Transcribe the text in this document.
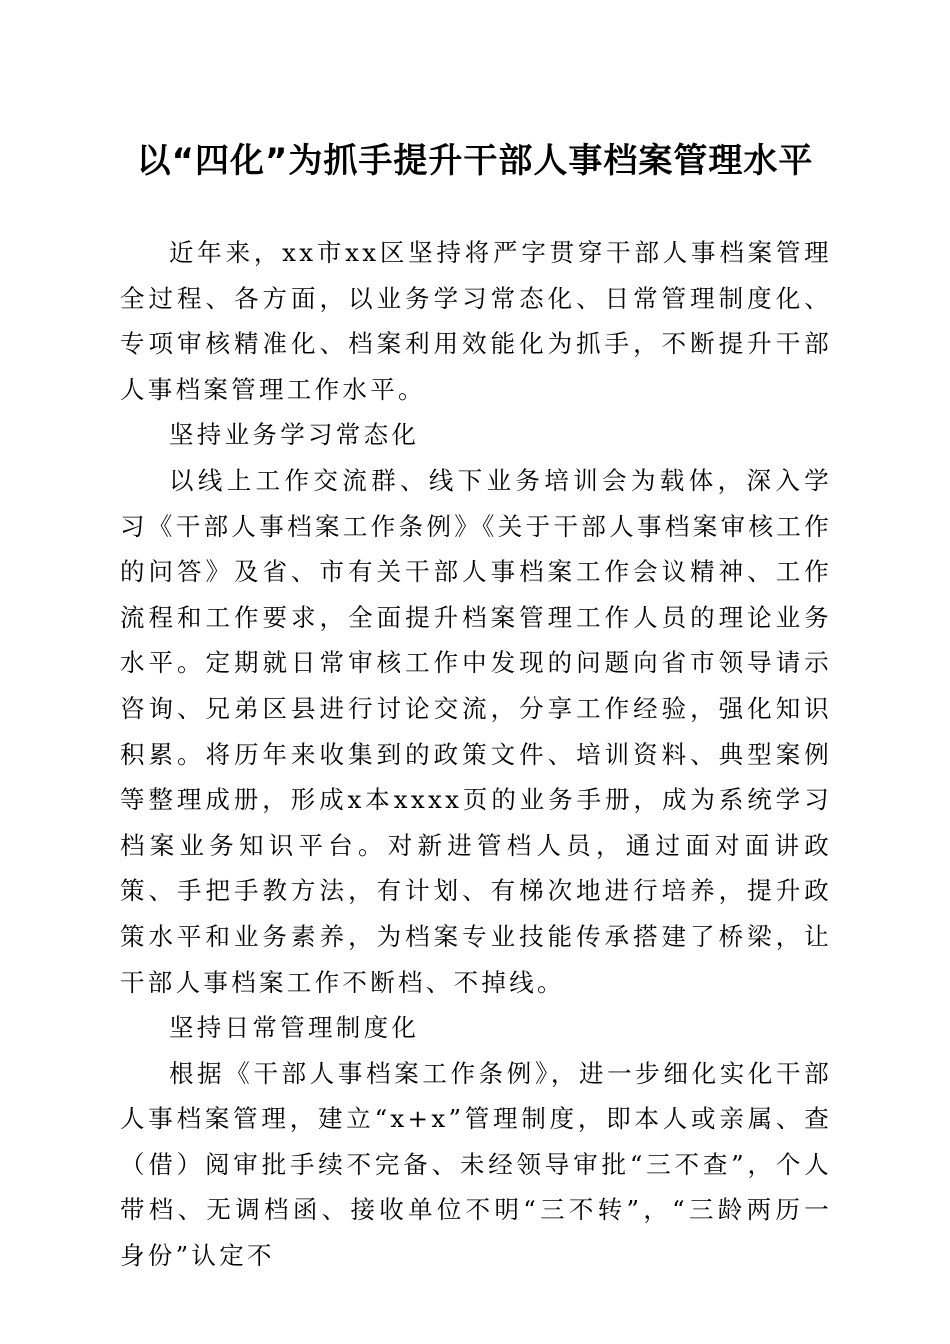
以“四化”为抓手提升干部人事档案管理水平

近年来，xx市xx区坚持将严字贯穿干部人事档案管理全过程、各方面，以业务学习常态化、日常管理制度化、专项审核精准化、档案利用效能化为抓手，不断提升干部人事档案管理工作水平。

坚持业务学习常态化

以线上工作交流群、线下业务培训会为载体，深入学习《干部人事档案工作条例》《关于干部人事档案审核工作的问答》及省、市有关干部人事档案工作会议精神、工作流程和工作要求，全面提升档案管理工作人员的理论业务水平。定期就日常审核工作中发现的问题向省市领导请示咨询、兄弟区县进行讨论交流，分享工作经验，强化知识积累。将历年来收集到的政策文件、培训资料、典型案例等整理成册，形成x本xxxx页的业务手册，成为系统学习档案业务知识平台。对新进管档人员，通过面对面讲政策、手把手教方法，有计划、有梯次地进行培养，提升政策水平和业务素养，为档案专业技能传承搭建了桥梁，让干部人事档案工作不断档、不掉线。

坚持日常管理制度化

根据《干部人事档案工作条例》，进一步细化实化干部人事档案管理，建立“x+x”管理制度，即本人或亲属、查（借）阅审批手续不完备、未经领导审批“三不查”，个人带档、无调档函、接收单位不明“三不转”，“三龄两历一身份”认定不
